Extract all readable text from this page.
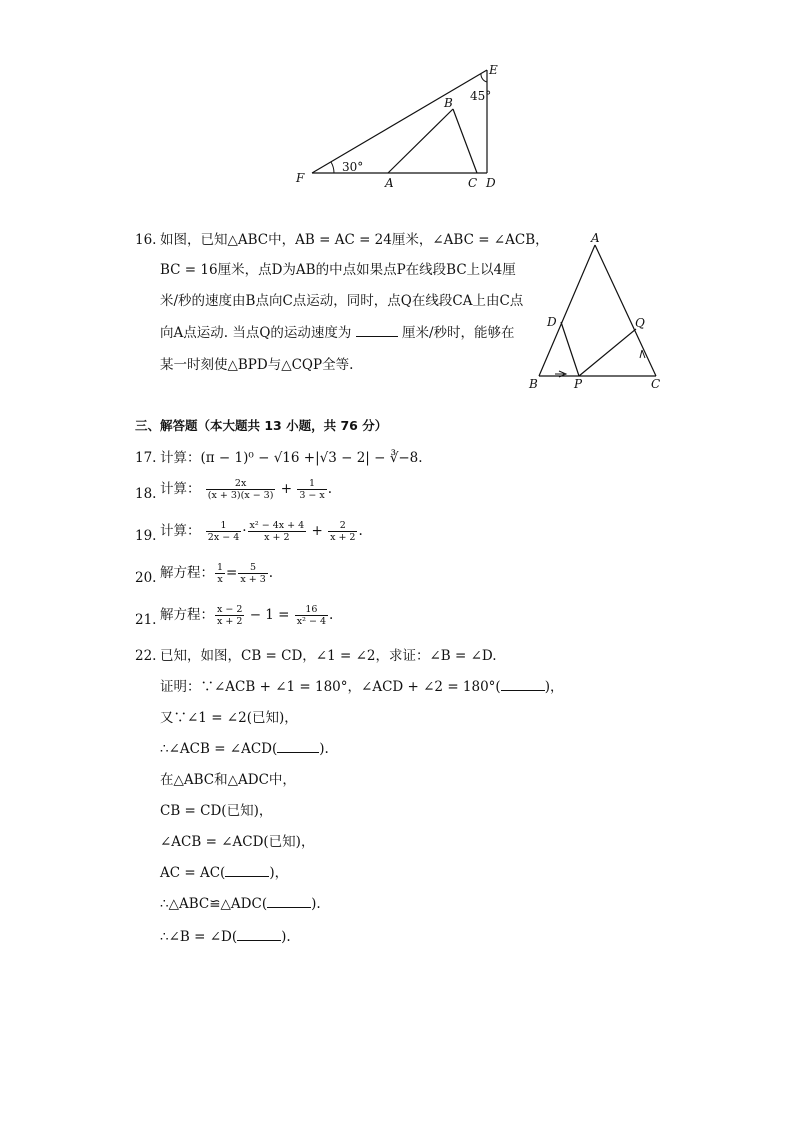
E
B
F	A	C D
30°
45°
16. 如图，已知△ABC中，AB = AC = 24厘米，∠ABC = ∠ACB，
BC = 16厘米，点D为AB的中点如果点P在线段BC上以4厘
米/秒的速度由B点向C点运动，同时，点Q在线段CA上由C点
向A点运动. 当点Q的运动速度为	厘米/秒时，能够在
某一时刻使△BPD与△CQP全等.
A
B	C
D
P
Q
三、解答题（本大题共 13 小题，共 76 分）
17. 计算：(π − 1)⁰ − √16 +|√3 − 2| − ∛−8.
18. 计算： $\frac{2x}{(x + 3)(x - 3)} + \frac{1}{3 - x}$ .
19. 计算： $\frac{1}{2x - 4} \cdot \frac{\text{x² − 4x + 4}}{x + 2} + \frac{2}{x + 2}$ .
20. 解方程： $\frac{1}{x} = \frac{5}{x + 3}$ .
21. 解方程： $\frac{x - 2}{x + 2} - 1 = \frac{16}{\text{x² − 4}}$ .
22. 已知，如图，CB = CD，∠1 = ∠2，求证：∠B = ∠D.
证明：∵∠ACB + ∠1 = 180°，∠ACD + ∠2 = 180°(	)，
又∵∠1 = ∠2(已知)，
∴∠ACB = ∠ACD(	).
在△ABC和△ADC中，
CB = CD(已知)，
∠ACB = ∠ACD(已知)，
AC = AC(	)，
∴△ABC≌△ADC(	).
∴∠B = ∠D(	).
